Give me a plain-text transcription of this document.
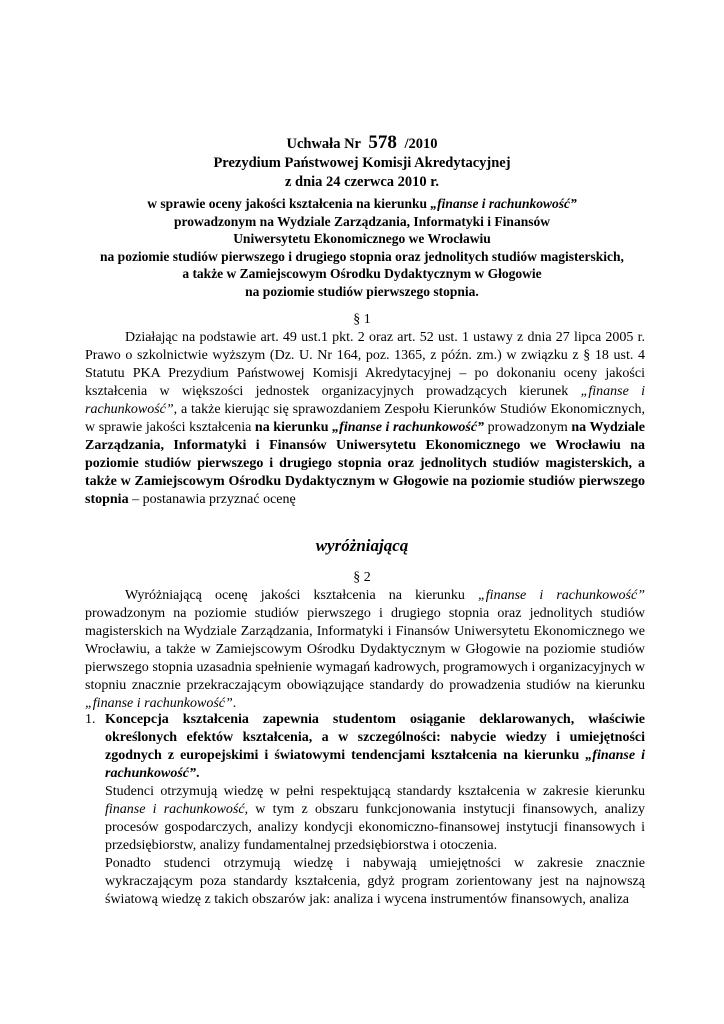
Uchwała Nr 578 /2010
Prezydium Państwowej Komisji Akredytacyjnej
z dnia 24 czerwca 2010 r.
w sprawie oceny jakości kształcenia na kierunku „finanse i rachunkowość”
prowadzonym na Wydziale Zarządzania, Informatyki i Finansów
Uniwersytetu Ekonomicznego we Wrocławiu
na poziomie studiów pierwszego i drugiego stopnia oraz jednolitych studiów magisterskich,
a także w Zamiejscowym Ośrodku Dydaktycznym w Głogowie
na poziomie studiów pierwszego stopnia.
§ 1
Działając na podstawie art. 49 ust.1 pkt. 2 oraz art. 52 ust. 1 ustawy z dnia 27 lipca 2005 r. Prawo o szkolnictwie wyższym (Dz. U. Nr 164, poz. 1365, z późn. zm.) w związku z § 18 ust. 4 Statutu PKA Prezydium Państwowej Komisji Akredytacyjnej – po dokonaniu oceny jakości kształcenia w większości jednostek organizacyjnych prowadzących kierunek „finanse i rachunkowość”, a także kierując się sprawozdaniem Zespołu Kierunków Studiów Ekonomicznych, w sprawie jakości kształcenia na kierunku „finanse i rachunkowość” prowadzonym na Wydziale Zarządzania, Informatyki i Finansów Uniwersytetu Ekonomicznego we Wrocławiu na poziomie studiów pierwszego i drugiego stopnia oraz jednolitych studiów magisterskich, a także w Zamiejscowym Ośrodku Dydaktycznym w Głogowie na poziomie studiów pierwszego stopnia – postanawia przyznać ocenę
wyróżniającą
§ 2
Wyróżniającą ocenę jakości kształcenia na kierunku „finanse i rachunkowość” prowadzonym na poziomie studiów pierwszego i drugiego stopnia oraz jednolitych studiów magisterskich na Wydziale Zarządzania, Informatyki i Finansów Uniwersytetu Ekonomicznego we Wrocławiu, a także w Zamiejscowym Ośrodku Dydaktycznym w Głogowie na poziomie studiów pierwszego stopnia uzasadnia spełnienie wymagań kadrowych, programowych i organizacyjnych w stopniu znacznie przekraczającym obowiązujące standardy do prowadzenia studiów na kierunku „finanse i rachunkowość”.
1. Koncepcja kształcenia zapewnia studentom osiąganie deklarowanych, właściwie określonych efektów kształcenia, a w szczególności: nabycie wiedzy i umiejętności zgodnych z europejskimi i światowymi tendencjami kształcenia na kierunku „finanse i rachunkowość”.

Studenci otrzymują wiedzę w pełni respektującą standardy kształcenia w zakresie kierunku finanse i rachunkowość, w tym z obszaru funkcjonowania instytucji finansowych, analizy procesów gospodarczych, analizy kondycji ekonomiczno-finansowej instytucji finansowych i przedsiębiorstw, analizy fundamentalnej przedsiębiorstwa i otoczenia.

Ponadto studenci otrzymują wiedzę i nabywają umiejętności w zakresie znacznie wykraczającym poza standardy kształcenia, gdyż program zorientowany jest na najnowszą światową wiedzę z takich obszarów jak: analiza i wycena instrumentów finansowych, analiza
